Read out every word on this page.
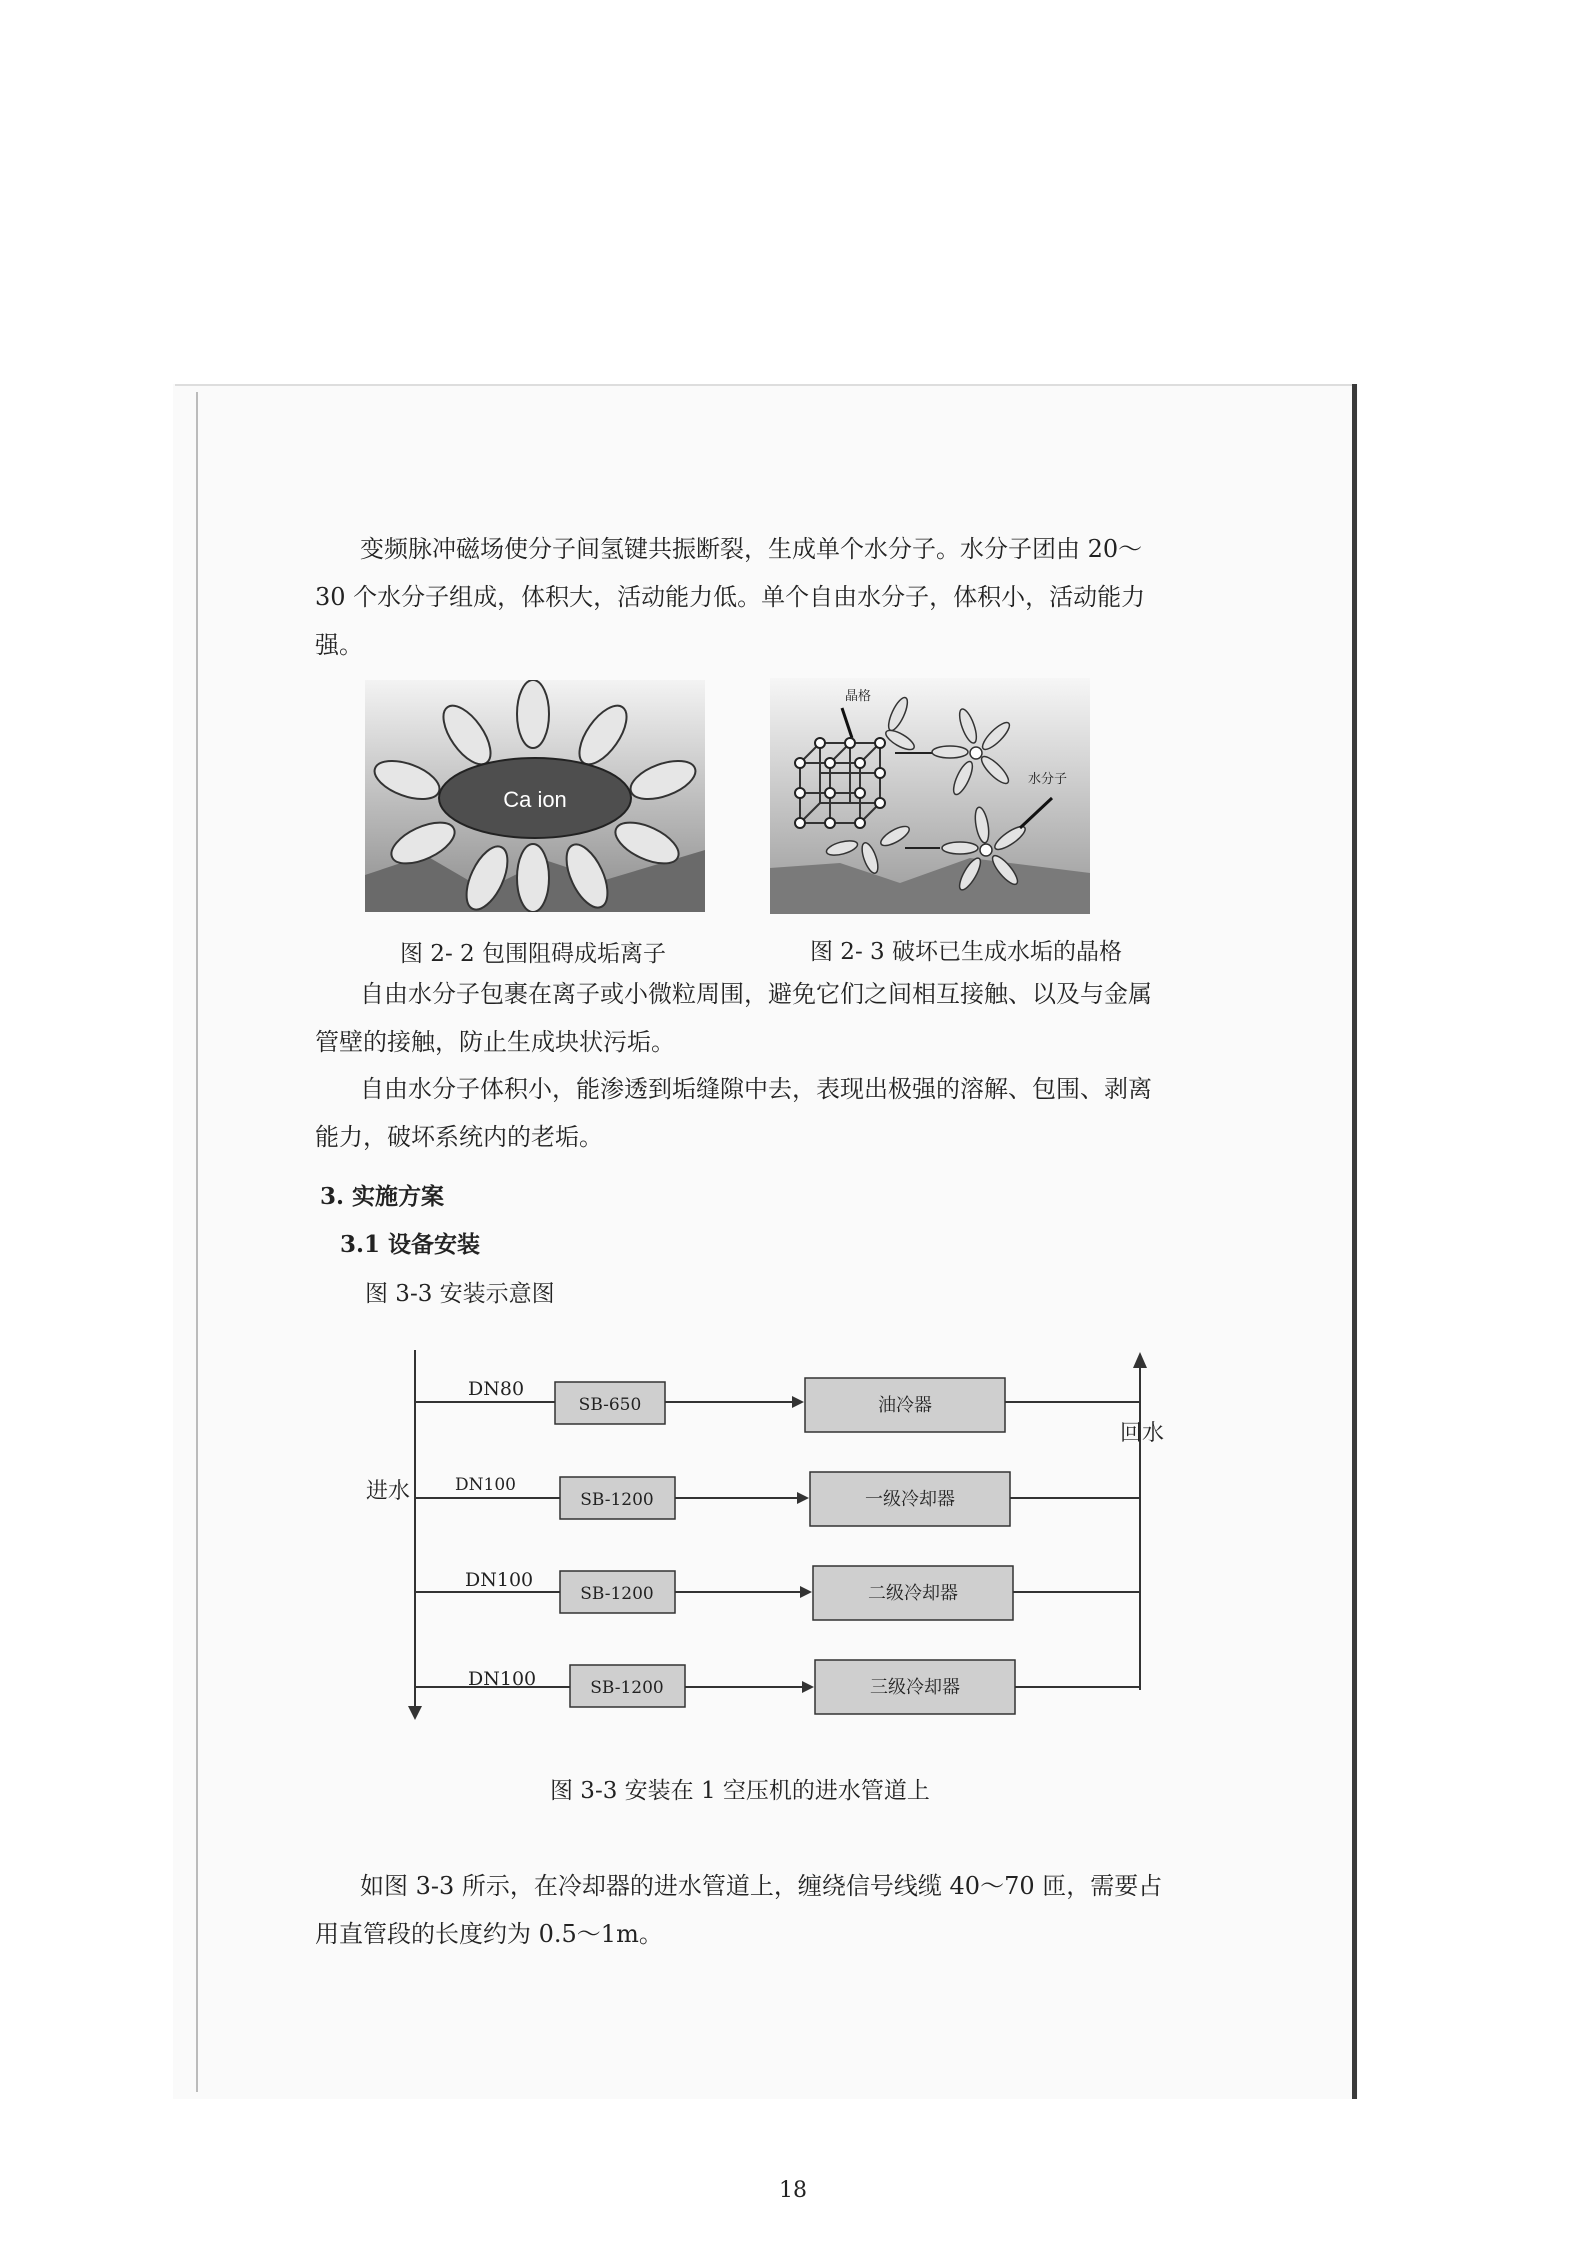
变频脉冲磁场使分子间氢键共振断裂，生成单个水分子。水分子团由 20～
30 个水分子组成，体积大，活动能力低。单个自由水分子，体积小，活动能力
强。
Ca ion
图 2- 2 包围阻碍成垢离子
晶格
水分子
图 2- 3 破坏已生成水垢的晶格
自由水分子包裹在离子或小微粒周围，避免它们之间相互接触、以及与金属
管壁的接触，防止生成块状污垢。
自由水分子体积小，能渗透到垢缝隙中去，表现出极强的溶解、包围、剥离
能力，破坏系统内的老垢。
3. 实施方案
3.1 设备安装
图 3-3 安装示意图
进水
回水
DN80
SB-650	油冷器
DN100
SB-1200	一级冷却器
DN100
SB-1200	二级冷却器
DN100	SB-1200	三级冷却器
图 3-3 安装在 1 空压机的进水管道上
如图 3-3 所示，在冷却器的进水管道上，缠绕信号线缆 40～70 匝，需要占
用直管段的长度约为 0.5～1m。
18
